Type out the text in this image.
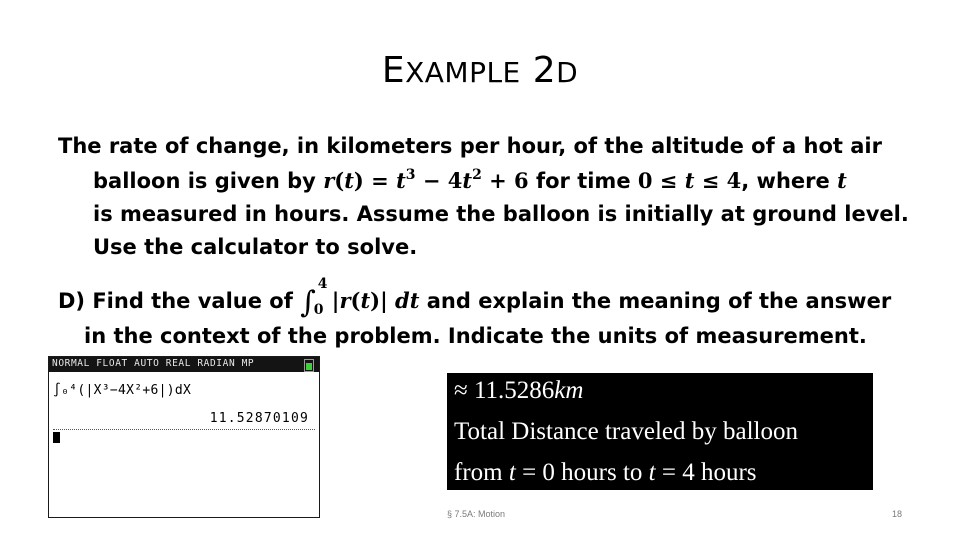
EXAMPLE 2D
The rate of change, in kilometers per hour, of the altitude of a hot air
balloon is given by $r(t) = t^3 - 4t^2 + 6$ for time 0 ≤ t ≤ 4, where t
is measured in hours. Assume the balloon is initially at ground level.
Use the calculator to solve.
D) Find the value of ∫
4
0 |r(t)| dt and explain the meaning of the answer
in the context of the problem. Indicate the units of measurement.
NORMAL FLOAT AUTO REAL RADIAN MP
∫₀⁴(|X³−4X²+6|)dX
11.52870109
≈ 11.5286km
Total Distance traveled by balloon
from t = 0 hours to t = 4 hours
§ 7.5A: Motion	18
